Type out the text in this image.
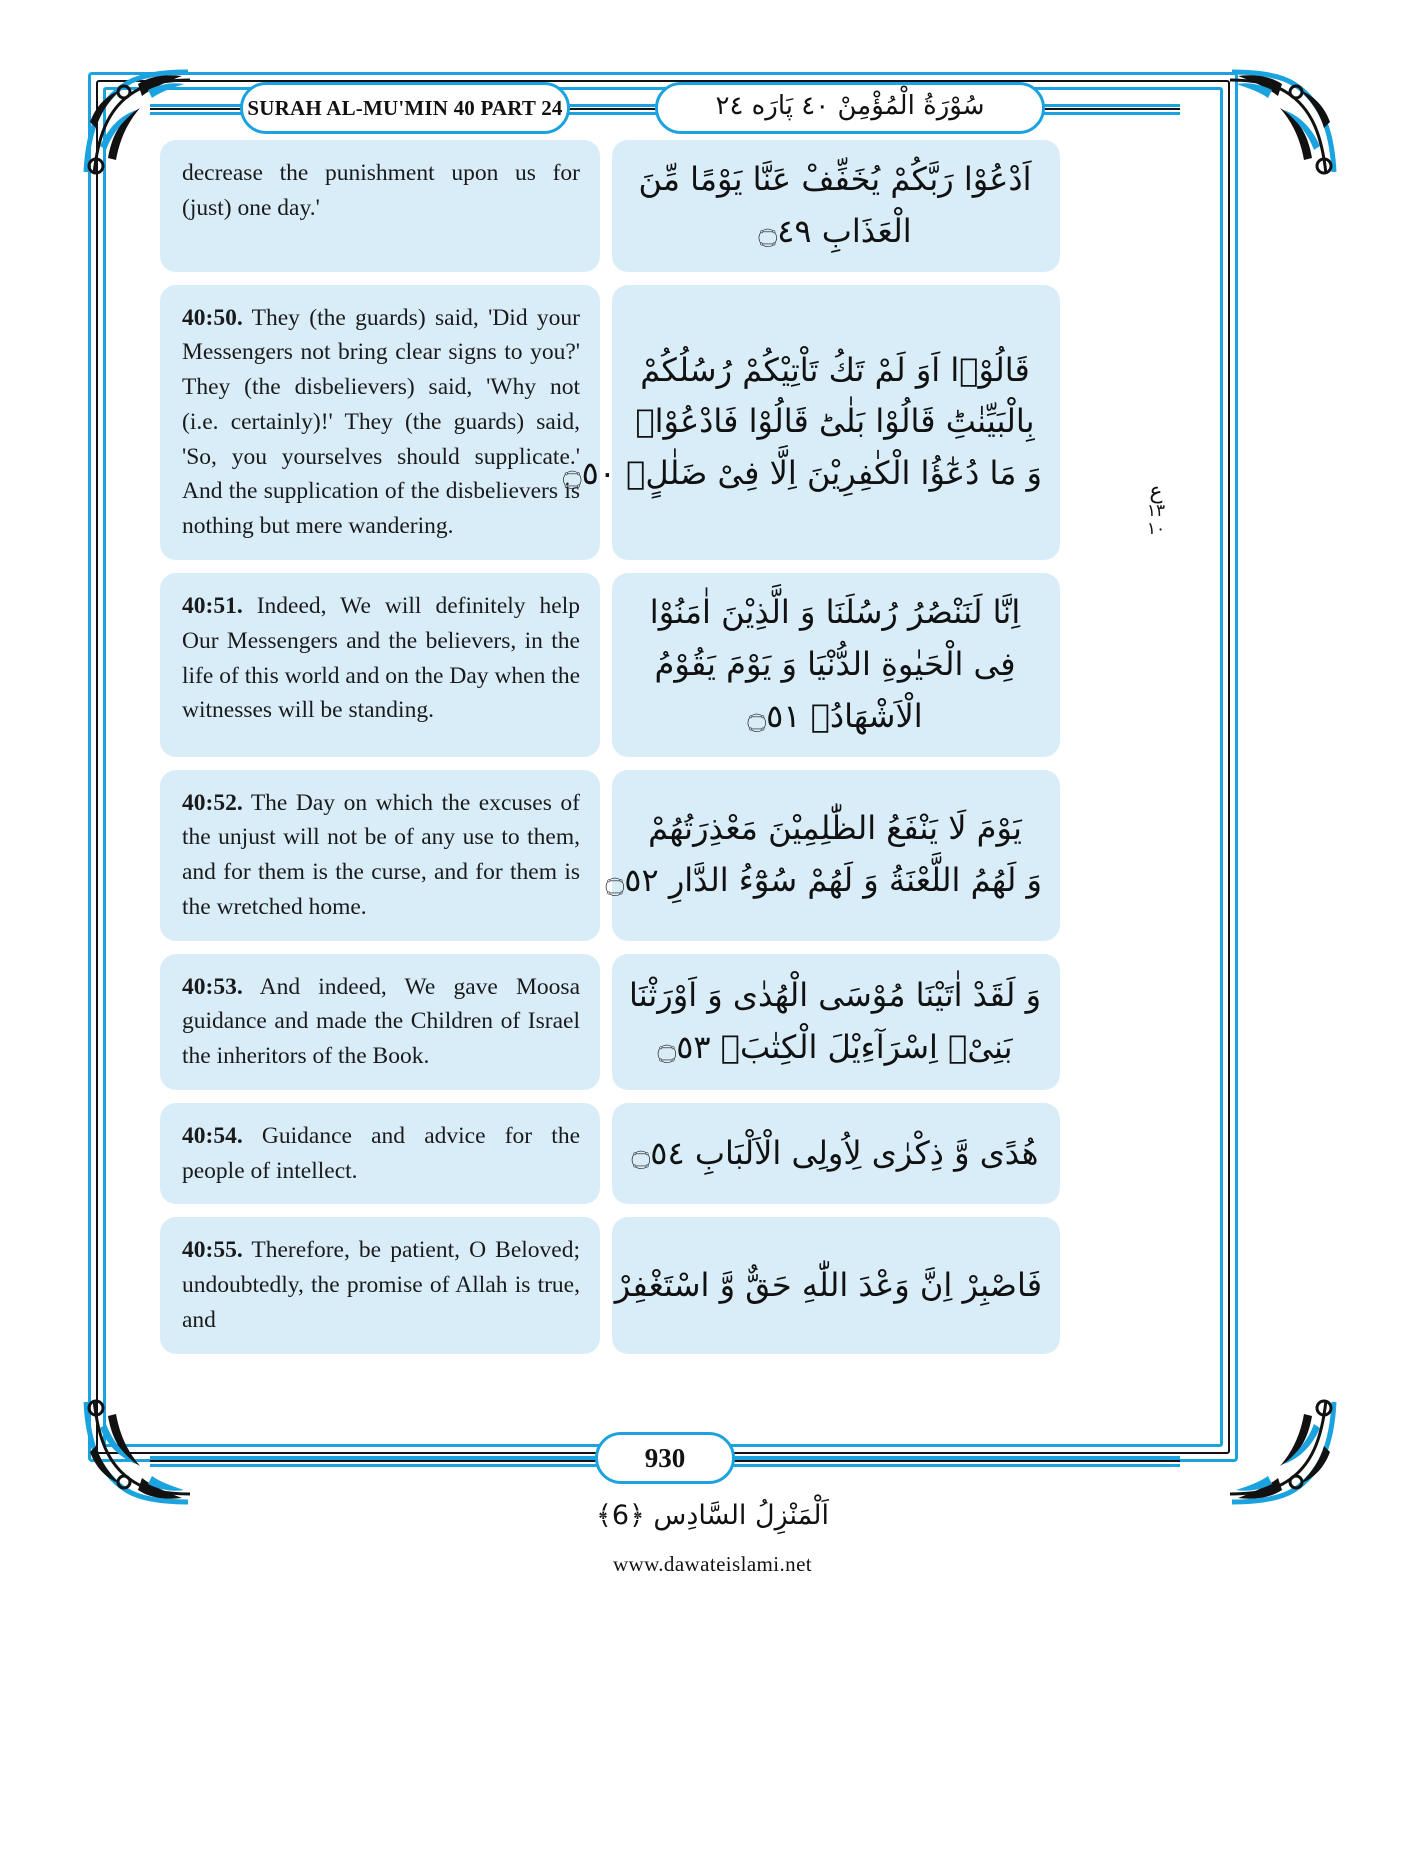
SURAH AL-MU'MIN 40 PART 24	سُوْرَةُ الْمُؤْمِنْ ٤٠ پَارَه ٢٤
decrease the punishment upon us for (just) one day.'
اَدْعُوْا رَبَّكُمْ يُخَفِّفْ عَنَّا يَوْمًا مِّنَ
الْعَذَابِ ۝٤٩
40:50. They (the guards) said, 'Did your Messengers not bring clear signs to you?' They (the disbelievers) said, 'Why not (i.e. certainly)!' They (the guards) said, 'So, you yourselves should supplicate.' And the supplication of the disbelievers is nothing but mere wandering.
قَالُوْۤا اَوَ لَمْ تَكُ تَاْتِیْكُمْ رُسُلُكُمْ
بِالْبَیِّنٰتِؕ قَالُوْا بَلٰىؕ قَالُوْا فَادْعُوْاۚ
وَ مَا دُعٰٓؤُا الْكٰفِرِیْنَ اِلَّا فِیْ ضَلٰلٍ۠ ۝٥٠
40:51. Indeed, We will definitely help Our Messengers and the believers, in the life of this world and on the Day when the witnesses will be standing.
اِنَّا لَنَنْصُرُ رُسُلَنَا وَ الَّذِیْنَ اٰمَنُوْا
فِی الْحَیٰوةِ الدُّنْیَا وَ یَوْمَ یَقُوْمُ
الْاَشْهَادُۙ ۝٥١
40:52. The Day on which the excuses of the unjust will not be of any use to them, and for them is the curse, and for them is the wretched home.
یَوْمَ لَا یَنْفَعُ الظّٰلِمِیْنَ مَعْذِرَتُهُمْ
وَ لَهُمُ اللَّعْنَةُ وَ لَهُمْ سُوْٓءُ الدَّارِ ۝٥٢
40:53. And indeed, We gave Moosa guidance and made the Children of Israel the inheritors of the Book.
وَ لَقَدْ اٰتَیْنَا مُوْسَى الْهُدٰى وَ اَوْرَثْنَا
بَنِیْۤ اِسْرَآءِیْلَ الْكِتٰبَۙ ۝٥٣
40:54. Guidance and advice for the people of intellect.	هُدًى وَّ ذِكْرٰى لِاُولِی الْاَلْبَابِ ۝٥٤
40:55. Therefore, be patient, O Beloved; undoubtedly, the promise of Allah is true, and
فَاصْبِرْ اِنَّ وَعْدَ اللّٰهِ حَقٌّ وَّ اسْتَغْفِرْ
ع
١٣
١٠
930
اَلْمَنْزِلُ السَّادِس ﴿6﴾
www.dawateislami.net
